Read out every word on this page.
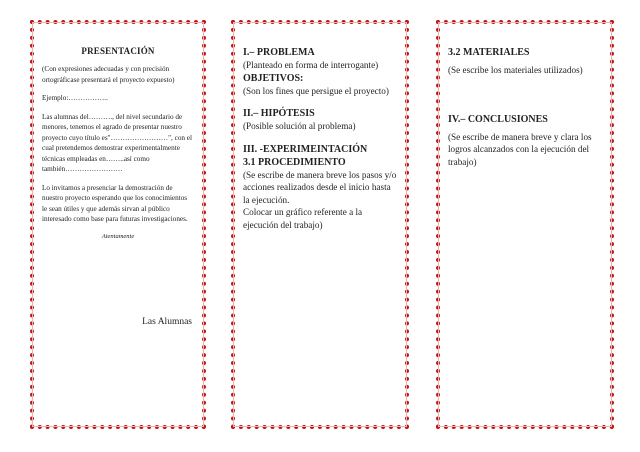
PRESENTACIÓN

(Con expresiones adecuadas y con precisión ortográficase presentará el proyecto expuesto)

Ejemplo:……………..

Las alumnas del………., del nivel secundario de menores, tenemos el agrado de presentar nuestro proyecto cuyo título es"……………………", con el cual pretendemos demostrar experimentalmente técnicas empleadas en……..así como también……………………

Lo invitamos a presenciar la demostración de nuestro proyecto esperando que los conocimientos le sean útiles y que además sirvan al público interesado como base para futuras investigaciones.

Atentamente

Las Alumnas

I.– PROBLEMA

(Planteado en forma de interrogante)

OBJETIVOS:

(Son los fines que persigue el proyecto)

II.– HIPÓTESIS

(Posible solución al problema)

III. -EXPERIMEINTACIÓN

3.1 PROCEDIMIENTO

(Se escribe de manera breve los pasos y/o acciones realizados desde el inicio hasta la ejecución.

Colocar un gráfico referente a la ejecución del trabajo)

3.2 MATERIALES

(Se escribe los materiales utilizados)

IV.– CONCLUSIONES

(Se escribe de manera breve y clara los logros alcanzados con la ejecución del trabajo)
